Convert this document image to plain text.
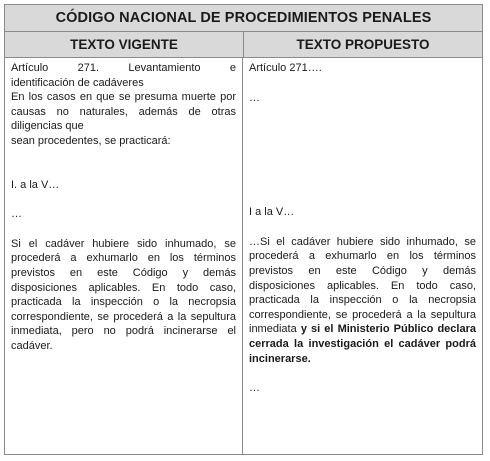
CÓDIGO NACIONAL DE PROCEDIMIENTOS PENALES
TEXTO VIGENTE	TEXTO PROPUESTO
Artículo 271. Levantamiento e
identificación de cadáveres
En los casos en que se presuma muerte por causas no naturales, además de otras diligencias que
sean procedentes, se practicará:
I. a la V…
…
Si el cadáver hubiere sido inhumado, se procederá a exhumarlo en los términos previstos en este Código y demás disposiciones aplicables. En todo caso, practicada la inspección o la necropsia correspondiente, se procederá a la sepultura inmediata, pero no podrá incinerarse el cadáver.
Artículo 271….
…
I a la V…
…Si el cadáver hubiere sido inhumado, se procederá a exhumarlo en los términos previstos en este Código y demás disposiciones aplicables. En todo caso, practicada la inspección o la necropsia correspondiente, se procederá a la sepultura inmediata y si el Ministerio Público declara cerrada la investigación el cadáver podrá incinerarse.
…
